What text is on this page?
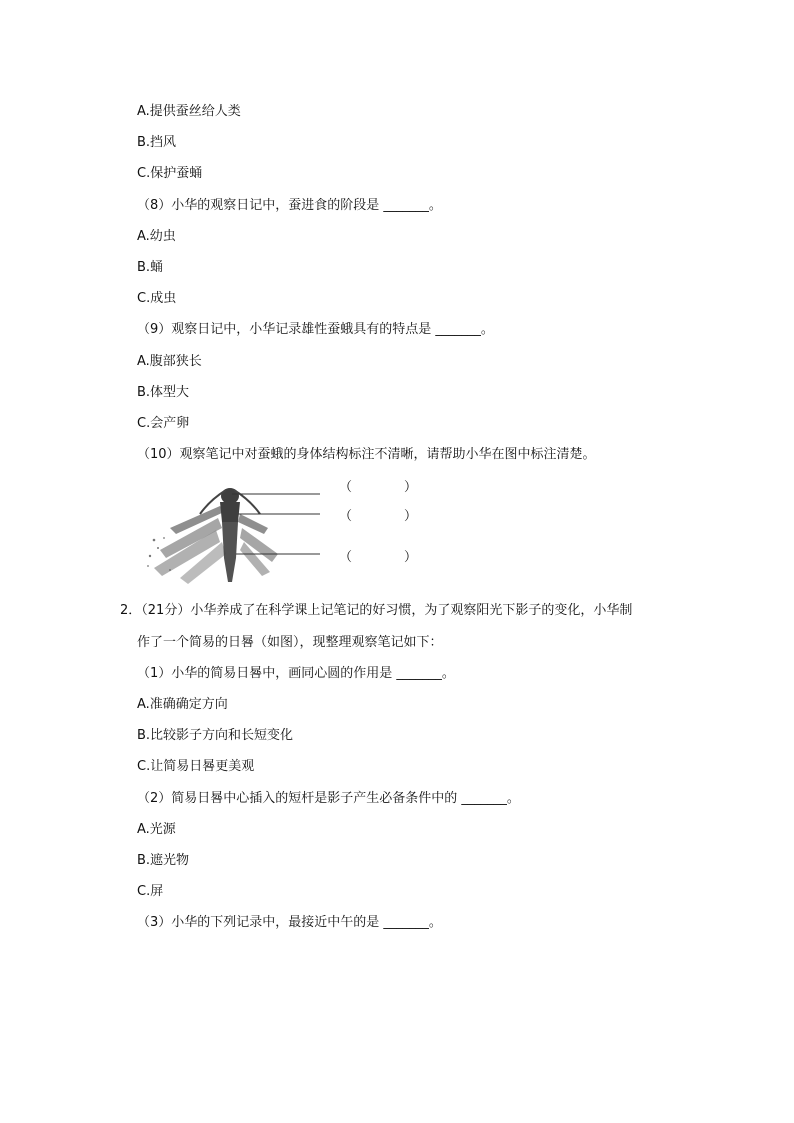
A.提供蚕丝给人类
B.挡风
C.保护蚕蛹
（8）小华的观察日记中，蚕进食的阶段是 _______。
A.幼虫
B.蛹
C.成虫
（9）观察日记中，小华记录雄性蚕蛾具有的特点是 _______。
A.腹部狭长
B.体型大
C.会产卵
（10）观察笔记中对蚕蛾的身体结构标注不清晰，请帮助小华在图中标注清楚。
（　　　　）
（　　　　）
（　　　　）
2．（21分）小华养成了在科学课上记笔记的好习惯，为了观察阳光下影子的变化，小华制
作了一个简易的日晷（如图），现整理观察笔记如下：
（1）小华的简易日晷中，画同心圆的作用是 _______。
A.准确确定方向
B.比较影子方向和长短变化
C.让简易日晷更美观
（2）简易日晷中心插入的短杆是影子产生必备条件中的 _______。
A.光源
B.遮光物
C.屏
（3）小华的下列记录中，最接近中午的是 _______。
